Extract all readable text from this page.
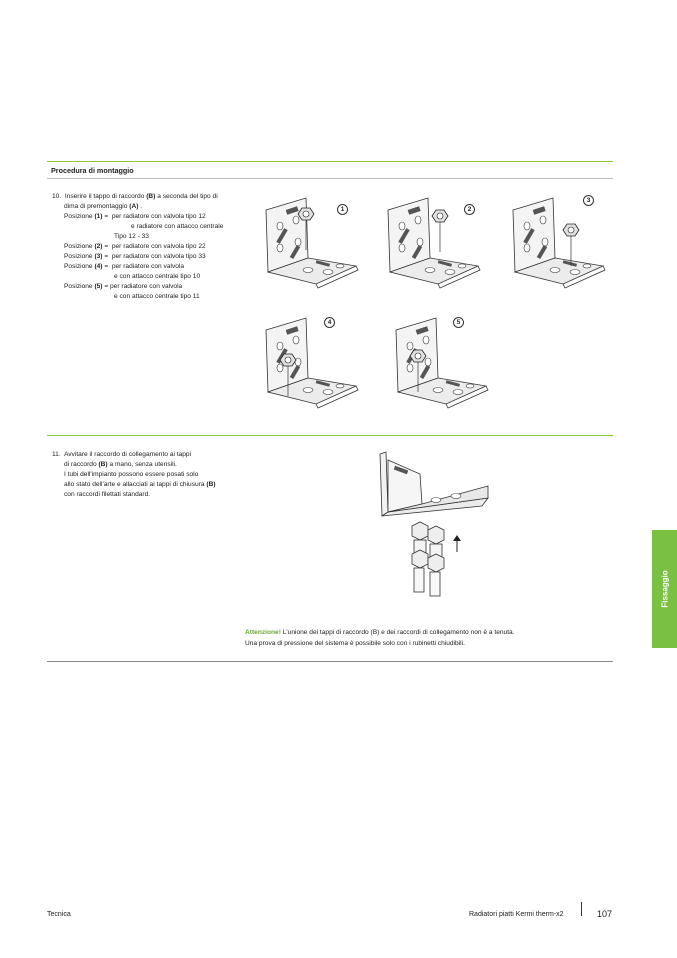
Procedura di montaggio
10.  Inserire il tappo di raccordo (B) a seconda del tipo di
dima di premontaggio (A) .
Posizione (1) =  per radiatore con valvola tipo 12
e radiatore con attacco centrale
Tipo 12 - 33
Posizione (2) =  per radiatore con valvola tipo 22
Posizione (3) =  per radiatore con valvola tipo 33
Posizione (4) =  per radiatore con valvola
e con attacco centrale tipo 10
Posizione (5) = per radiatore con valvola
e con attacco centrale tipo 11
1	2
3
4	5
11.  Avvitare il raccordo di collegamento ai tappi
di raccordo (B) a mano, senza utensili.
I tubi dell'impianto possono essere posati solo
allo stato dell'arte e allacciati ai tappi di chiusura (B)
con raccordi filettati standard.
Attenzione! L'unione dei tappi di raccordo (B) e dei raccordi di collegamento non è a tenuta.
Una prova di pressione del sistema è possibile solo con i rubinetti chiudibili.
Fissaggio
Tecnica	Radiatori piatti Kermi therm-x2	107
